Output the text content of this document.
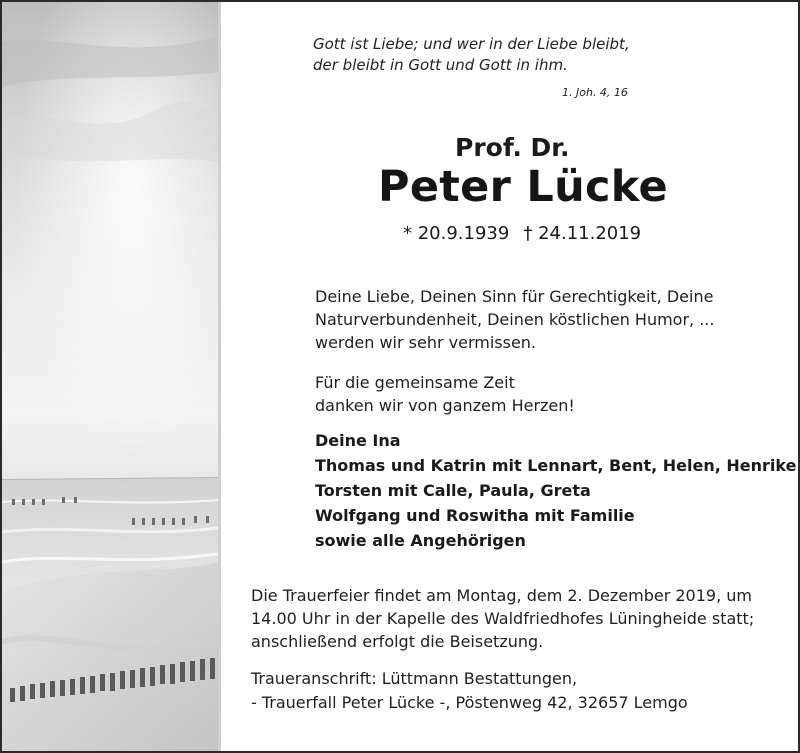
Gott ist Liebe; und wer in der Liebe bleibt,
der bleibt in Gott und Gott in ihm.
1. Joh. 4, 16
Prof. Dr.
Peter Lücke
* 20.9.1939 † 24.11.2019
Deine Liebe, Deinen Sinn für Gerechtigkeit, Deine
Naturverbundenheit, Deinen köstlichen Humor, ...
werden wir sehr vermissen.
Für die gemeinsame Zeit
danken wir von ganzem Herzen!
Deine Ina
Thomas und Katrin mit Lennart, Bent, Helen, Henrike
Torsten mit Calle, Paula, Greta
Wolfgang und Roswitha mit Familie
sowie alle Angehörigen
Die Trauerfeier findet am Montag, dem 2. Dezember 2019, um
14.00 Uhr in der Kapelle des Waldfriedhofes Lüningheide statt;
anschließend erfolgt die Beisetzung.
Traueranschrift: Lüttmann Bestattungen,
- Trauerfall Peter Lücke -, Pöstenweg 42, 32657 Lemgo
